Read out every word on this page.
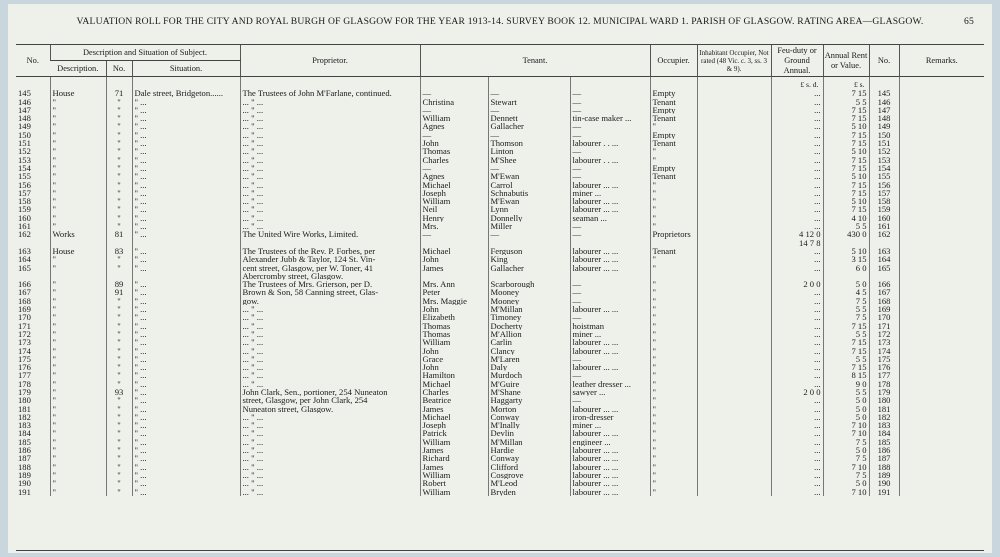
VALUATION ROLL FOR THE CITY AND ROYAL BURGH OF GLASGOW FOR THE YEAR 1913-14. SURVEY BOOK 12. MUNICIPAL WARD 1. PARISH OF GLASGOW. RATING AREA—GLASGOW.	65
No.	Description and Situation of Subject.			Proprietor.	Tenant.			Occupier.	Inhabitant Occupier, Not rated (48 Vic. c. 3, ss. 3 & 9).	Feu-duty or Ground Annual.	Annual Rent or Value.	No.	Remarks.
	Description.	No.	Situation.										
										£ s. d.	£ s.		
145	House	71	Dale street, Bridgeton......	The Trustees of John M'Farlane, continued.	—	—	—	Empty		...	7 15	145	
146	"	"	" ...	... " ...	Christina	Stewart	—	Tenant		...	5 5	146	
147	"	"	" ...	... " ...	—	—	—	Empty		...	7 15	147	
148	"	"	" ...	... " ...	William	Dennett	tin-case maker ...	Tenant		...	7 15	148	
149	"	"	" ...	... " ...	Agnes	Gallacher	—	"		...	5 10	149	
150	"	"	" ...	... " ...	—	—	—	Empty		...	7 15	150	
151	"	"	" ...	... " ...	John	Thomson	labourer . . ...	Tenant		...	7 15	151	
152	"	"	" ...	... " ...	Thomas	Linton	—	"		...	5 10	152	
153	"	"	" ...	... " ...	Charles	M'Shee	labourer . . ...	"		...	7 15	153	
154	"	"	" ...	... " ...	—	—	—	Empty		...	7 15	154	
155	"	"	" ...	... " ...	Agnes	M'Ewan	—	Tenant		...	5 10	155	
156	"	"	" ...	... " ...	Michael	Carrol	labourer ... ...	"		...	7 15	156	
157	"	"	" ...	... " ...	Joseph	Schnabutis	miner ...	"		...	7 15	157	
158	"	"	" ...	... " ...	William	M'Ewan	labourer ... ...	"		...	5 10	158	
159	"	"	" ...	... " ...	Neil	Lynn	labourer ... ...	"		...	7 15	159	
160	"	"	" ...	... " ...	Henry	Donnelly	seaman ...	"		...	4 10	160	
161	"	"	" ...	... " ...	Mrs.	Miller	—	"		...	5 5	161	
162	Works	81	" ...	The United Wire Works, Limited.	—	—	—	Proprietors		4 12 0	430 0	162	
										14 7 8			
163	House	83	" ...	The Trustees of the Rev. P. Forbes, per	Michael	Ferguson	labourer ... ...	Tenant		...	5 10	163	
164	"	"	" ...	Alexander Jubb & Taylor, 124 St. Vin-	John	King	labourer ... ...	"		...	3 15	164	
165	"	"	" ...	cent street, Glasgow, per W. Toner, 41	James	Gallacher	labourer ... ...	"		...	6 0	165	
				Abercromby street, Glasgow.									
166	"	89	" ...	The Trustees of Mrs. Grierson, per D.	Mrs. Ann	Scarborough	—	"		2 0 0	5 0	166	
167	"	91	" ...	Brown & Son, 58 Canning street, Glas-	Peter	Mooney	—	"		...	4 5	167	
168	"	"	" ...	gow.	Mrs. Maggie	Mooney	—	"		...	7 5	168	
169	"	"	" ...	... " ...	John	M'Millan	labourer ... ...	"		...	5 5	169	
170	"	"	" ...	... " ...	Elizabeth	Timoney	—	"		...	7 5	170	
171	"	"	" ...	... " ...	Thomas	Docherty	hoistman	"		...	7 15	171	
172	"	"	" ...	... " ...	Thomas	M'Allion	miner ...	"		...	5 5	172	
173	"	"	" ...	... " ...	William	Carlin	labourer ... ...	"		...	7 15	173	
174	"	"	" ...	... " ...	John	Clancy	labourer ... ...	"		...	7 15	174	
175	"	"	" ...	... " ...	Grace	M'Laren	—	"		...	5 5	175	
176	"	"	" ...	... " ...	John	Daly	labourer ... ...	"		...	7 15	176	
177	"	"	" ...	... " ...	Hamilton	Murdoch	—	"		...	8 15	177	
178	"	"	" ...	... " ...	Michael	M'Guire	leather dresser ...	"		...	9 0	178	
179	"	93	" ...	John Clark, Sen., portioner, 254 Nuneaton	Charles	M'Shane	sawyer ...	"		2 0 0	5 5	179	
180	"	"	" ...	street, Glasgow, per John Clark, 254	Beatrice	Haggarty	—	"		...	5 0	180	
181	"	"	" ...	Nuneaton street, Glasgow.	James	Morton	labourer ... ...	"		...	5 0	181	
182	"	"	" ...	... " ...	Michael	Conway	iron-dresser	"		...	5 0	182	
183	"	"	" ...	... " ...	Joseph	M'Inally	miner ...	"		...	7 10	183	
184	"	"	" ...	... " ...	Patrick	Devlin	labourer ... ...	"		...	7 10	184	
185	"	"	" ...	... " ...	William	M'Millan	engineer ...	"		...	7 5	185	
186	"	"	" ...	... " ...	James	Hardie	labourer ... ...	"		...	5 0	186	
187	"	"	" ...	... " ...	Richard	Conway	labourer ... ...	"		...	7 5	187	
188	"	"	" ...	... " ...	James	Clifford	labourer ... ...	"		...	7 10	188	
189	"	"	" ...	... " ...	William	Cosgrove	labourer ... ...	"		...	7 5	189	
190	"	"	" ...	... " ...	Robert	M'Leod	labourer ... ...	"		...	5 0	190	
191	"	"	" ...	... " ...	William	Bryden	labourer ... ...	"		...	7 10	191	
